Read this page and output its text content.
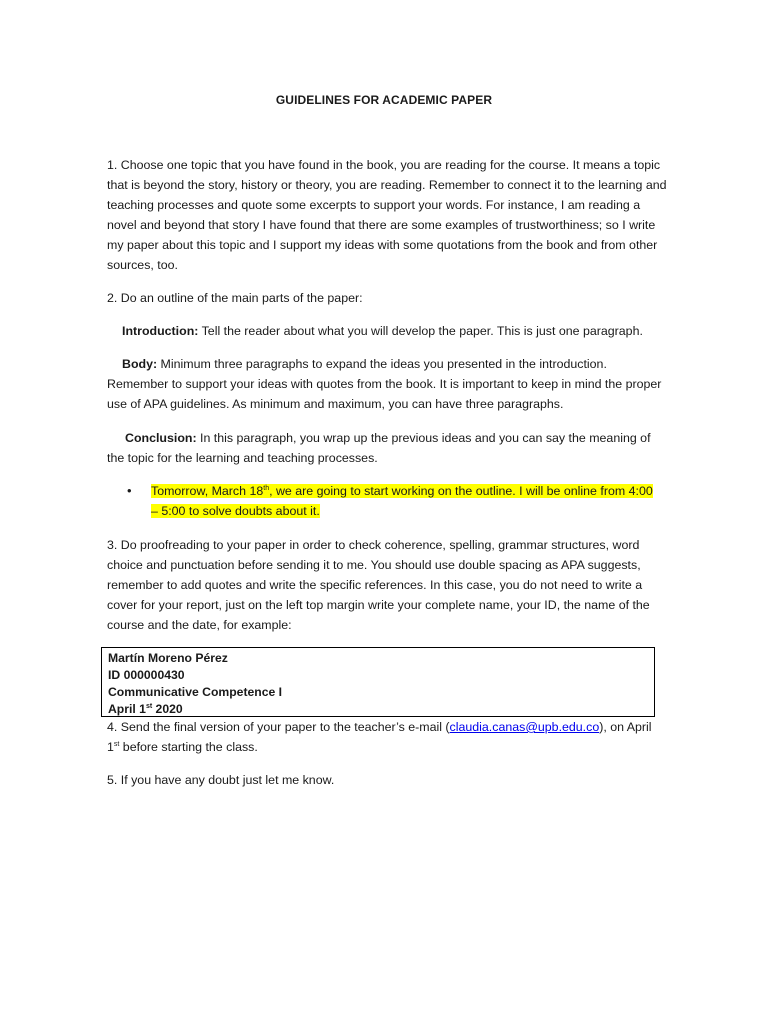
GUIDELINES FOR ACADEMIC PAPER

1. Choose one topic that you have found in the book, you are reading for the course. It means a topic that is beyond the story, history or theory, you are reading. Remember to connect it to the learning and teaching processes and quote some excerpts to support your words. For instance, I am reading a novel and beyond that story I have found that there are some examples of trustworthiness; so I write my paper about this topic and I support my ideas with some quotations from the book and from other sources, too.

2. Do an outline of the main parts of the paper:

Introduction: Tell the reader about what you will develop the paper. This is just one paragraph.

Body: Minimum three paragraphs to expand the ideas you presented in the introduction. Remember to support your ideas with quotes from the book. It is important to keep in mind the proper use of APA guidelines. As minimum and maximum, you can have three paragraphs.

Conclusion: In this paragraph, you wrap up the previous ideas and you can say the meaning of the topic for the learning and teaching processes.

• Tomorrow, March 18th, we are going to start working on the outline. I will be online from 4:00 – 5:00 to solve doubts about it.

3. Do proofreading to your paper in order to check coherence, spelling, grammar structures, word choice and punctuation before sending it to me. You should use double spacing as APA suggests, remember to add quotes and write the specific references. In this case, you do not need to write a cover for your report, just on the left top margin write your complete name, your ID, the name of the course and the date, for example:

Martín Moreno Pérez
ID 000000430
Communicative Competence I
April 1st 2020

4. Send the final version of your paper to the teacher’s e-mail (claudia.canas@upb.edu.co), on April 1st before starting the class.

5. If you have any doubt just let me know.
